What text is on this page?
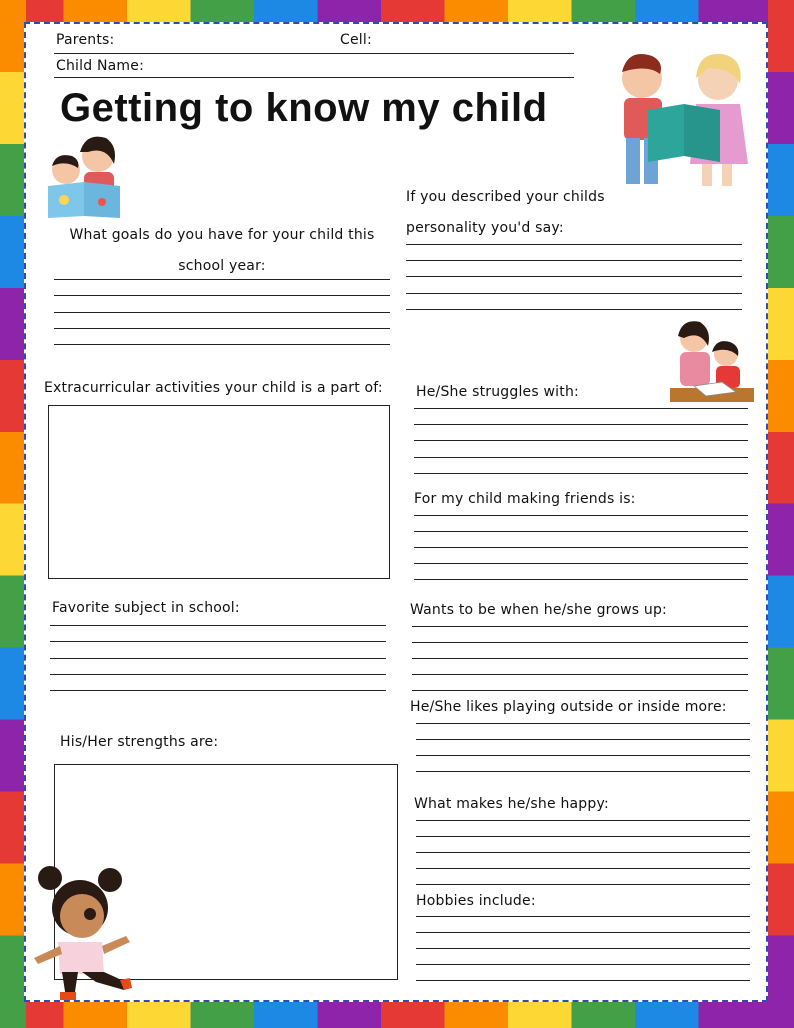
Parents:	Cell:
Child Name:
Getting to know my child
What goals do you have for your child this
school year:
If you described your childs
personality you'd say:
Extracurricular activities your child is a part of: He/She struggles with:
For my child making friends is:
Favorite subject in school:	Wants to be when he/she grows up:
His/Her strengths are:
He/She likes playing outside or inside more:
What makes he/she happy:
Hobbies include:
